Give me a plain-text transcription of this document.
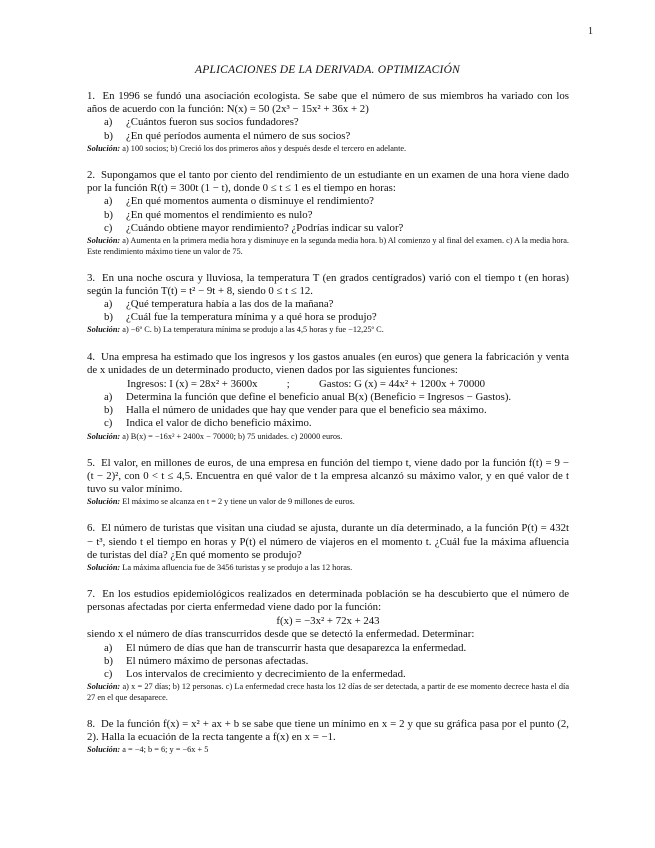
1
APLICACIONES DE LA DERIVADA. OPTIMIZACIÓN

1. En 1996 se fundó una asociación ecologista. Se sabe que el número de sus miembros ha variado con los años de acuerdo con la función: N(x) = 50 (2x³ − 15x² + 36x + 2)

a)	¿Cuántos fueron sus socios fundadores?
b)	¿En qué períodos aumenta el número de sus socios?

Solución: a) 100 socios; b) Creció los dos primeros años y después desde el tercero en adelante.

2. Supongamos que el tanto por ciento del rendimiento de un estudiante en un examen de una hora viene dado por la función R(t) = 300t (1 − t), donde 0 ≤ t ≤ 1 es el tiempo en horas:

a)	¿En qué momentos aumenta o disminuye el rendimiento?
b)	¿En qué momentos el rendimiento es nulo?
c)	¿Cuándo obtiene mayor rendimiento? ¿Podrías indicar su valor?

Solución: a) Aumenta en la primera media hora y disminuye en la segunda media hora. b) Al comienzo y al final del examen. c) A la media hora. Este rendimiento máximo tiene un valor de 75.

3. En una noche oscura y lluviosa, la temperatura T (en grados centígrados) varió con el tiempo t (en horas) según la función T(t) = t² − 9t + 8, siendo 0 ≤ t ≤ 12.

a)	¿Qué temperatura había a las dos de la mañana?
b)	¿Cuál fue la temperatura mínima y a qué hora se produjo?

Solución: a) −6º C. b) La temperatura mínima se produjo a las 4,5 horas y fue −12,25º C.

4. Una empresa ha estimado que los ingresos y los gastos anuales (en euros) que genera la fabricación y venta de x unidades de un determinado producto, vienen dados por las siguientes funciones:

Ingresos: I (x) = 28x² + 3600x	;	Gastos: G (x) = 44x² + 1200x + 70000
a)	Determina la función que define el beneficio anual B(x) (Beneficio = Ingresos − Gastos).
b)	Halla el número de unidades que hay que vender para que el beneficio sea máximo.
c)	Indica el valor de dicho beneficio máximo.

Solución: a) B(x) = −16x² + 2400x − 70000; b) 75 unidades. c) 20000 euros.

5. El valor, en millones de euros, de una empresa en función del tiempo t, viene dado por la función f(t) = 9 − (t − 2)², con 0 < t ≤ 4,5. Encuentra en qué valor de t la empresa alcanzó su máximo valor, y en qué valor de t tuvo su valor mínimo.

Solución: El máximo se alcanza en t = 2 y tiene un valor de 9 millones de euros.

6. El número de turistas que visitan una ciudad se ajusta, durante un día determinado, a la función P(t) = 432t − t³, siendo t el tiempo en horas y P(t) el número de viajeros en el momento t. ¿Cuál fue la máxima afluencia de turistas del día? ¿En qué momento se produjo?

Solución: La máxima afluencia fue de 3456 turistas y se produjo a las 12 horas.

7. En los estudios epidemiológicos realizados en determinada población se ha descubierto que el número de personas afectadas por cierta enfermedad viene dado por la función:

f(x) = −3x² + 72x + 243

siendo x el número de días transcurridos desde que se detectó la enfermedad. Determinar:

a)	El número de días que han de transcurrir hasta que desaparezca la enfermedad.
b)	El número máximo de personas afectadas.
c)	Los intervalos de crecimiento y decrecimiento de la enfermedad.

Solución: a) x = 27 días; b) 12 personas. c) La enfermedad crece hasta los 12 días de ser detectada, a partir de ese momento decrece hasta el día 27 en el que desaparece.

8. De la función f(x) = x² + ax + b se sabe que tiene un mínimo en x = 2 y que su gráfica pasa por el punto (2, 2). Halla la ecuación de la recta tangente a f(x) en x = −1.

Solución: a = −4; b = 6; y = −6x + 5
